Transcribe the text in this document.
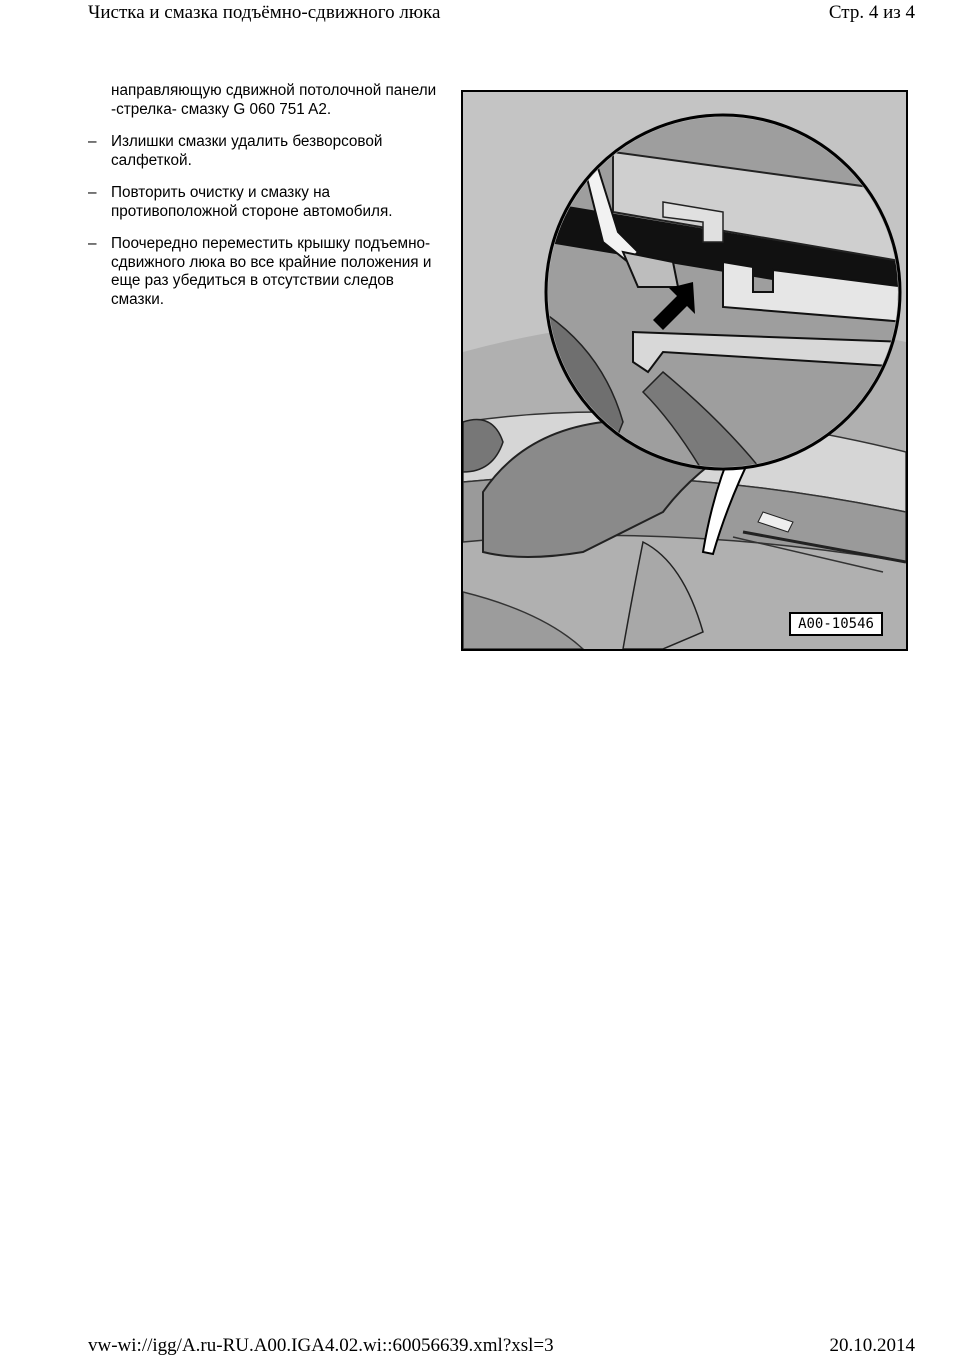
Чистка и смазка подъёмно-сдвижного люка	Стр. 4 из 4

направляющую сдвижной потолочной панели -стрелка- смазку G 060 751 A2.

– Излишки смазки удалить безворсовой салфеткой.

– Повторить очистку и смазку на противоположной стороне автомобиля.

– Поочередно переместить крышку подъемно-сдвижного люка во все крайние положения и еще раз убедиться в отсутствии следов смазки.

A00-10546
vw-wi://igg/A.ru-RU.A00.IGA4.02.wi::60056639.xml?xsl=3	20.10.2014
